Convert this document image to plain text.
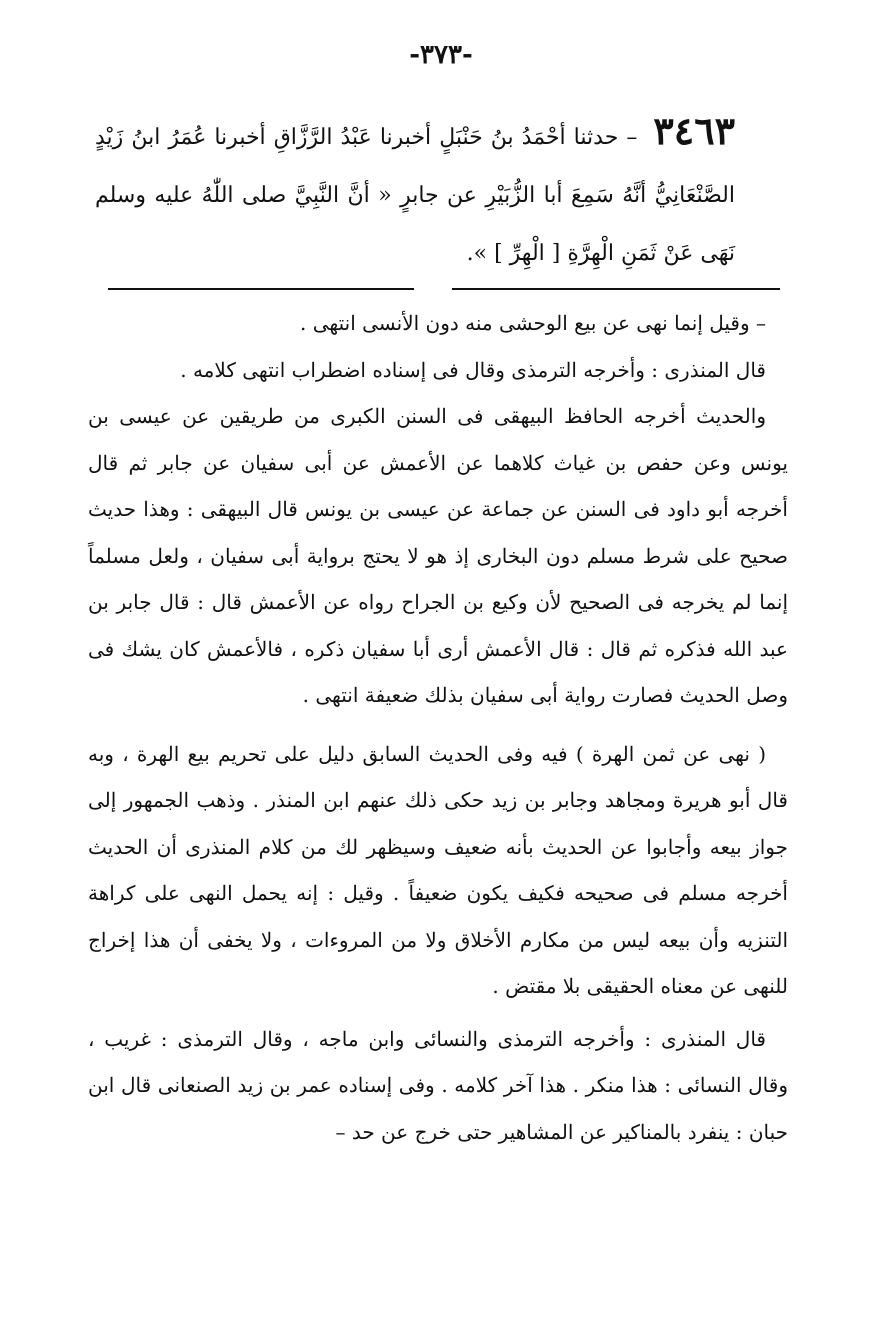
-٣٧٣-
٣٤٦٣ – حدثنا أحْمَدُ بنُ حَنْبَلٍ أخبرنا عَبْدُ الرَّزَّاقِ أخبرنا عُمَرُ ابنُ زَيْدٍ الصَّنْعَانِيُّ أنَّهُ سَمِعَ أبا الزُّبَيْرِ عن جابرٍ « أنَّ النَّبِيَّ صلى اللّٰهُ عليه وسلم نَهَى عَنْ ثَمَنِ الْهِرَّةِ [ الْهِرِّ ] ».

– وقيل إنما نهى عن بيع الوحشى منه دون الأنسى انتهى .

قال المنذرى : وأخرجه الترمذى وقال فى إسناده اضطراب انتهى كلامه .

والحديث أخرجه الحافظ البيهقى فى السنن الكبرى من طريقين عن عيسى بن يونس وعن حفص بن غياث كلاهما عن الأعمش عن أبى سفيان عن جابر ثم قال أخرجه أبو داود فى السنن عن جماعة عن عيسى بن يونس قال البيهقى : وهذا حديث صحيح على شرط مسلم دون البخارى إذ هو لا يحتج برواية أبى سفيان ، ولعل مسلماً إنما لم يخرجه فى الصحيح لأن وكيع بن الجراح رواه عن الأعمش قال : قال جابر بن عبد الله فذكره ثم قال : قال الأعمش أرى أبا سفيان ذكره ، فالأعمش كان يشك فى وصل الحديث فصارت رواية أبى سفيان بذلك ضعيفة انتهى .

( نهى عن ثمن الهرة ) فيه وفى الحديث السابق دليل على تحريم بيع الهرة ، وبه قال أبو هريرة ومجاهد وجابر بن زيد حكى ذلك عنهم ابن المنذر . وذهب الجمهور إلى جواز بيعه وأجابوا عن الحديث بأنه ضعيف وسيظهر لك من كلام المنذرى أن الحديث أخرجه مسلم فى صحيحه فكيف يكون ضعيفاً . وقيل : إنه يحمل النهى على كراهة التنزيه وأن بيعه ليس من مكارم الأخلاق ولا من المروءات ، ولا يخفى أن هذا إخراج للنهى عن معناه الحقيقى بلا مقتض .

قال المنذرى : وأخرجه الترمذى والنسائى وابن ماجه ، وقال الترمذى : غريب ، وقال النسائى : هذا منكر . هذا آخر كلامه . وفى إسناده عمر بن زيد الصنعانى قال ابن حبان : ينفرد بالمناكير عن المشاهير حتى خرج عن حد –
